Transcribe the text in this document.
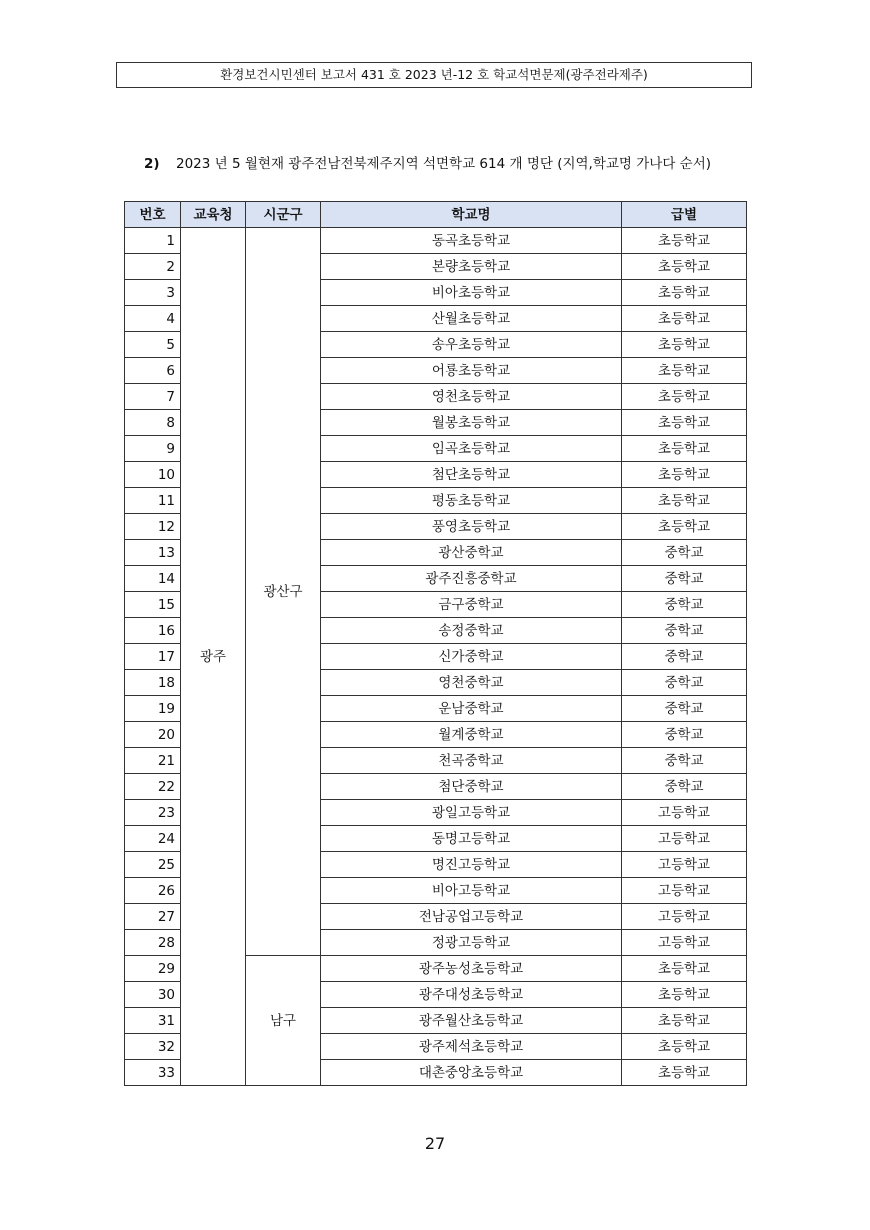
환경보건시민센터 보고서 431 호 2023 년-12 호 학교석면문제(광주전라제주)
2) 2023 년 5 월현재 광주전남전북제주지역 석면학교 614 개 명단 (지역,학교명 가나다 순서)
번호	교육청	시군구	학교명	급별
1	광주	광산구	동곡초등학교	초등학교
2			본량초등학교	초등학교
3			비아초등학교	초등학교
4			산월초등학교	초등학교
5			송우초등학교	초등학교
6			어룡초등학교	초등학교
7			영천초등학교	초등학교
8			월봉초등학교	초등학교
9			임곡초등학교	초등학교
10			첨단초등학교	초등학교
11			평동초등학교	초등학교
12			풍영초등학교	초등학교
13			광산중학교	중학교
14			광주진흥중학교	중학교
15			금구중학교	중학교
16			송정중학교	중학교
17			신가중학교	중학교
18			영천중학교	중학교
19			운남중학교	중학교
20			월계중학교	중학교
21			천곡중학교	중학교
22			첨단중학교	중학교
23			광일고등학교	고등학교
24			동명고등학교	고등학교
25			명진고등학교	고등학교
26			비아고등학교	고등학교
27			전남공업고등학교	고등학교
28			정광고등학교	고등학교
29		남구	광주농성초등학교	초등학교
30			광주대성초등학교	초등학교
31			광주월산초등학교	초등학교
32			광주제석초등학교	초등학교
33			대촌중앙초등학교	초등학교
27
